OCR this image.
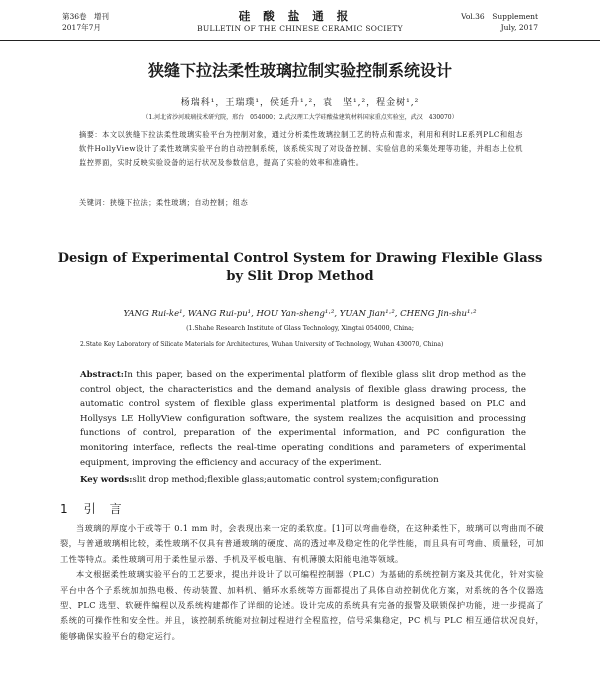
第36卷　增刊
2017年7月
硅酸盐通报
BULLETIN OF THE CHINESE CERAMIC SOCIETY
Vol.36　Supplement
July, 2017
狭缝下拉法柔性玻璃拉制实验控制系统设计
杨瑞科¹，王瑞璞¹，侯延升¹,²，袁　坚¹,²，程金树¹,²
（1.河北省沙河玻璃技术研究院，邢台　054000；2.武汉理工大学硅酸盐建筑材料国家重点实验室，武汉　430070）
摘要：本文以狭缝下拉法柔性玻璃实验平台为控制对象，通过分析柔性玻璃拉制工艺的特点和需求，利用和利时LE系列PLC和组态软件HollyView设计了柔性玻璃实验平台的自动控制系统，该系统实现了对设备控制、实验信息的采集处理等功能，并组态上位机监控界面，实时反映实验设备的运行状况及参数信息，提高了实验的效率和准确性。
关键词：狭缝下拉法；柔性玻璃；自动控制；组态
Design of Experimental Control System for Drawing Flexible Glass
by Slit Drop Method
YANG Rui-ke¹, WANG Rui-pu¹, HOU Yan-sheng¹·², YUAN Jian¹·², CHENG Jin-shu¹·²
(1.Shahe Research Institute of Glass Technology, Xingtai 054000, China;
2.State Key Laboratory of Silicate Materials for Architectures, Wuhan University of Technology, Wuhan 430070, China)
Abstract:In this paper, based on the experimental platform of flexible glass slit drop method as the control object, the characteristics and the demand analysis of flexible glass drawing process, the automatic control system of flexible glass experimental platform is designed based on PLC and Hollysys LE HollyView configuration software, the system realizes the acquisition and processing functions of control, preparation of the experimental information, and PC configuration the monitoring interface, reflects the real-time operating conditions and parameters of experimental equipment, improving the efficiency and accuracy of the experiment.
Key words:slit drop method;flexible glass;automatic control system;configuration
1 引言

当玻璃的厚度小于或等于 0.1 mm 时，会表现出来一定的柔软度。[1]可以弯曲卷绕，在这种柔性下，玻璃可以弯曲而不破裂，与普通玻璃相比较，柔性玻璃不仅具有普通玻璃的硬度、高的透过率及稳定性的化学性能，而且具有可弯曲、质量轻，可加工性等特点。柔性玻璃可用于柔性显示器、手机及平板电脑、有机薄膜太阳能电池等领域。

本文根据柔性玻璃实验平台的工艺要求，提出并设计了以可编程控制器（PLC）为基础的系统控制方案及其优化，针对实验平台中各个子系统加加热电极、传动装置、加料机、循环水系统等方面都提出了具体自动控制优化方案，对系统的各个仪器选型、PLC 选型、软硬件编程以及系统构建都作了详细的论述。设计完成的系统具有完备的报警及联锁保护功能，进一步提高了系统的可操作性和安全性。并且，该控制系统能对拉制过程进行全程监控，信号采集稳定，PC 机与 PLC 相互通信状况良好，能够确保实验平台的稳定运行。
